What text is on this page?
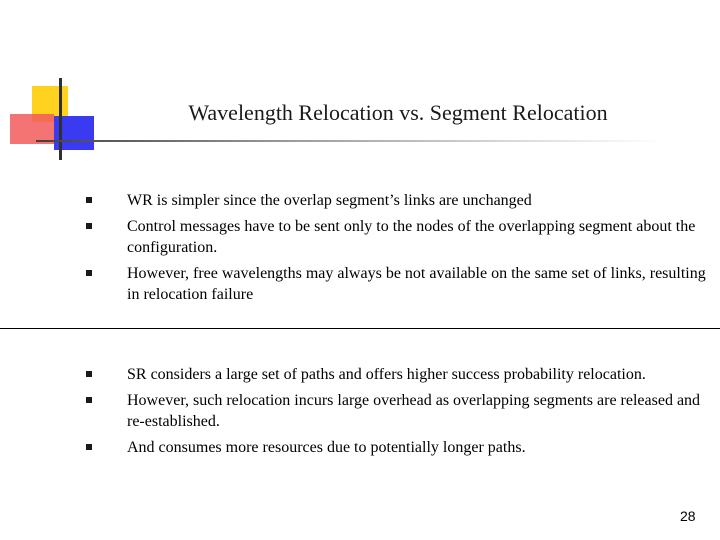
Wavelength Relocation vs. Segment Relocation
WR is simpler since the overlap segment’s links are unchanged
Control messages have to be sent only to the nodes of the overlapping segment about the configuration.
However, free wavelengths may always be not available on the same set of links, resulting in relocation failure
SR considers a large set of paths and offers higher success probability relocation.
However, such relocation incurs large overhead as overlapping segments are released and re-established.
And consumes more resources due to potentially longer paths.
28
